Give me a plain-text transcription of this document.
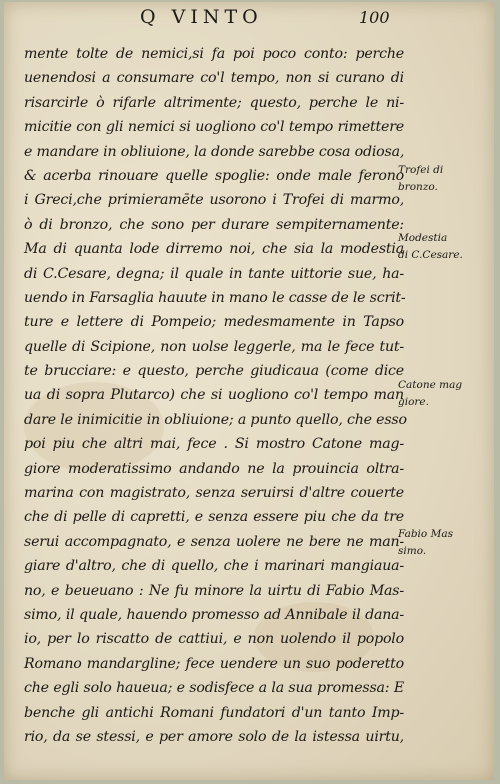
Q VINTO	100
mente tolte de nemici,si fa poi poco conto: perche
uenendosi a consumare co'l tempo, non si curano di
risarcirle ò rifarle altrimente; questo, perche le ni-
micitie con gli nemici si uogliono co'l tempo rimettere
e mandare in obliuione, la donde sarebbe cosa odiosa,
& acerba rinouare quelle spoglie: onde male ferono
i Greci,che primieramēte usorono i Trofei di marmo,
ò di bronzo, che sono per durare sempiternamente:
Ma di quanta lode dirremo noi, che sia la modestia
di C.Cesare, degna; il quale in tante uittorie sue, ha-
uendo in Farsaglia hauute in mano le casse de le scrit-
ture e lettere di Pompeio; medesmamente in Tapso
quelle di Scipione, non uolse leggerle, ma le fece tut-
te brucciare: e questo, perche giudicaua (come dice
ua di sopra Plutarco) che si uogliono co'l tempo man
dare le inimicitie in obliuione; a punto quello, che esso
poi piu che altri mai, fece . Si mostro Catone mag-
giore moderatissimo andando ne la prouincia oltra-
marina con magistrato, senza seruirsi d'altre couerte
che di pelle di capretti, e senza essere piu che da tre
serui accompagnato, e senza uolere ne bere ne man-
giare d'altro, che di quello, che i marinari mangiaua-
no, e beueuano : Ne fu minore la uirtu di Fabio Mas-
simo, il quale, hauendo promesso ad Annibale il dana-
io, per lo riscatto de cattiui, e non uolendo il popolo
Romano mandargline; fece uendere un suo poderetto
che egli solo haueua; e sodisfece a la sua promessa: E
benche gli antichi Romani fundatori d'un tanto Imp-
rio, da se stessi, e per amore solo de la istessa uirtu,
Trofei di
bronzo.
Modestia
di C.Cesare.
Catone mag
giore.
Fabio Mas
simo.
